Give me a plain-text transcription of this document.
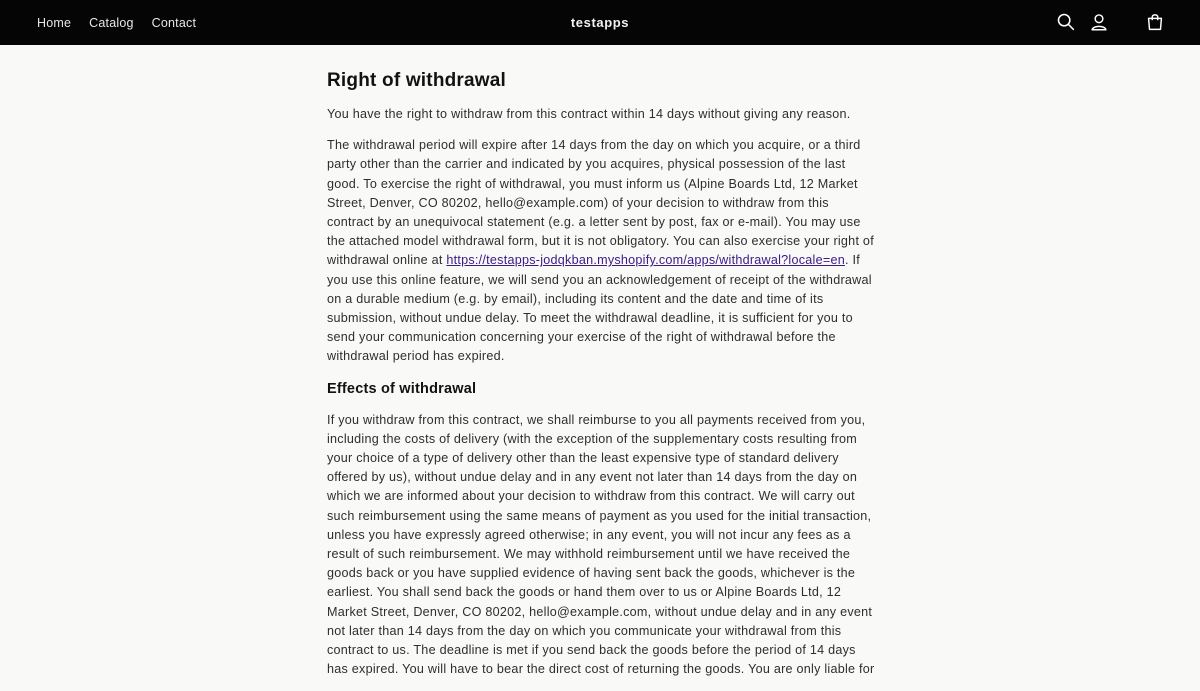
Home Catalog Contact	testapps
Right of withdrawal

You have the right to withdraw from this contract within 14 days without giving any reason.

The withdrawal period will expire after 14 days from the day on which you acquire, or a third party other than the carrier and indicated by you acquires, physical possession of the last good. To exercise the right of withdrawal, you must inform us (Alpine Boards Ltd, 12 Market Street, Denver, CO 80202, hello@example.com) of your decision to withdraw from this contract by an unequivocal statement (e.g. a letter sent by post, fax or e-mail). You may use the attached model withdrawal form, but it is not obligatory. You can also exercise your right of withdrawal online at https://testapps-jodqkban.myshopify.com/apps/withdrawal?locale=en. If you use this online feature, we will send you an acknowledgement of receipt of the withdrawal on a durable medium (e.g. by email), including its content and the date and time of its submission, without undue delay. To meet the withdrawal deadline, it is sufficient for you to send your communication concerning your exercise of the right of withdrawal before the withdrawal period has expired.

Effects of withdrawal

If you withdraw from this contract, we shall reimburse to you all payments received from you, including the costs of delivery (with the exception of the supplementary costs resulting from your choice of a type of delivery other than the least expensive type of standard delivery offered by us), without undue delay and in any event not later than 14 days from the day on which we are informed about your decision to withdraw from this contract. We will carry out such reimbursement using the same means of payment as you used for the initial transaction, unless you have expressly agreed otherwise; in any event, you will not incur any fees as a result of such reimbursement. We may withhold reimbursement until we have received the goods back or you have supplied evidence of having sent back the goods, whichever is the earliest. You shall send back the goods or hand them over to us or Alpine Boards Ltd, 12 Market Street, Denver, CO 80202, hello@example.com, without undue delay and in any event not later than 14 days from the day on which you communicate your withdrawal from this contract to us. The deadline is met if you send back the goods before the period of 14 days has expired. You will have to bear the direct cost of returning the goods. You are only liable for
